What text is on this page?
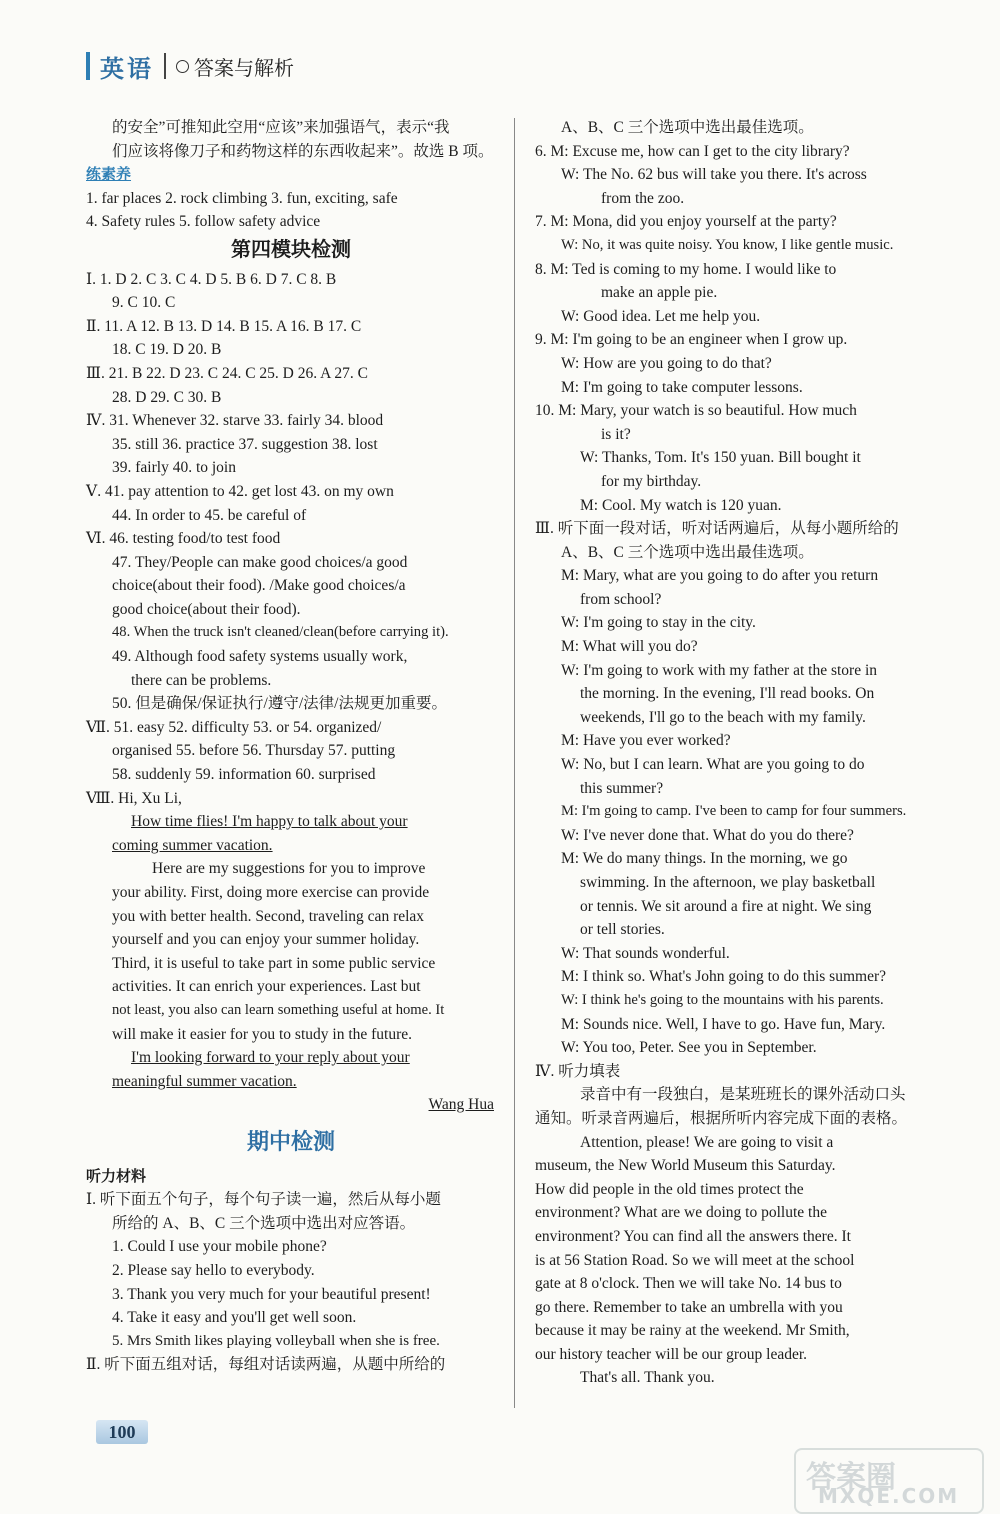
英语 答案与解析

的安全”可推知此空用“应该”来加强语气，表示“我

们应该将像刀子和药物这样的东西收起来”。故选 B 项。

练素养

1. far places 2. rock climbing 3. fun, exciting, safe

4. Safety rules 5. follow safety advice

第四模块检测

Ⅰ. 1. D 2. C 3. C 4. D 5. B 6. D 7. C 8. B

9. C 10. C

Ⅱ. 11. A 12. B 13. D 14. B 15. A 16. B 17. C

18. C 19. D 20. B

Ⅲ. 21. B 22. D 23. C 24. C 25. D 26. A 27. C

28. D 29. C 30. B

Ⅳ. 31. Whenever 32. starve 33. fairly 34. blood

35. still 36. practice 37. suggestion 38. lost

39. fairly 40. to join

Ⅴ. 41. pay attention to 42. get lost 43. on my own

44. In order to 45. be careful of

Ⅵ. 46. testing food/to test food

47. They/People can make good choices/a good

choice(about their food). /Make good choices/a

good choice(about their food).

48. When the truck isn't cleaned/clean(before carrying it).

49. Although food safety systems usually work,

there can be problems.

50. 但是确保/保证执行/遵守/法律/法规更加重要。

Ⅶ. 51. easy 52. difficulty 53. or 54. organized/

organised 55. before 56. Thursday 57. putting

58. suddenly 59. information 60. surprised

Ⅷ. Hi, Xu Li,

How time flies! I'm happy to talk about your

coming summer vacation.

Here are my suggestions for you to improve

your ability. First, doing more exercise can provide

you with better health. Second, traveling can relax

yourself and you can enjoy your summer holiday.

Third, it is useful to take part in some public service

activities. It can enrich your experiences. Last but

not least, you also can learn something useful at home. It

will make it easier for you to study in the future.

I'm looking forward to your reply about your

meaningful summer vacation.

Wang Hua

期中检测

听力材料

Ⅰ. 听下面五个句子，每个句子读一遍，然后从每小题

所给的 A、B、C 三个选项中选出对应答语。

1. Could I use your mobile phone?

2. Please say hello to everybody.

3. Thank you very much for your beautiful present!

4. Take it easy and you'll get well soon.

5. Mrs Smith likes playing volleyball when she is free.

Ⅱ. 听下面五组对话，每组对话读两遍，从题中所给的

A、B、C 三个选项中选出最佳选项。

6. M: Excuse me, how can I get to the city library?

W: The No. 62 bus will take you there. It's across

from the zoo.

7. M: Mona, did you enjoy yourself at the party?

W: No, it was quite noisy. You know, I like gentle music.

8. M: Ted is coming to my home. I would like to

make an apple pie.

W: Good idea. Let me help you.

9. M: I'm going to be an engineer when I grow up.

W: How are you going to do that?

M: I'm going to take computer lessons.

10. M: Mary, your watch is so beautiful. How much

is it?

W: Thanks, Tom. It's 150 yuan. Bill bought it

for my birthday.

M: Cool. My watch is 120 yuan.

Ⅲ. 听下面一段对话，听对话两遍后，从每小题所给的

A、B、C 三个选项中选出最佳选项。

M: Mary, what are you going to do after you return

from school?

W: I'm going to stay in the city.

M: What will you do?

W: I'm going to work with my father at the store in

the morning. In the evening, I'll read books. On

weekends, I'll go to the beach with my family.

M: Have you ever worked?

W: No, but I can learn. What are you going to do

this summer?

M: I'm going to camp. I've been to camp for four summers.

W: I've never done that. What do you do there?

M: We do many things. In the morning, we go

swimming. In the afternoon, we play basketball

or tennis. We sit around a fire at night. We sing

or tell stories.

W: That sounds wonderful.

M: I think so. What's John going to do this summer?

W: I think he's going to the mountains with his parents.

M: Sounds nice. Well, I have to go. Have fun, Mary.

W: You too, Peter. See you in September.

Ⅳ. 听力填表

录音中有一段独白，是某班班长的课外活动口头

通知。听录音两遍后，根据所听内容完成下面的表格。

Attention, please! We are going to visit a

museum, the New World Museum this Saturday.

How did people in the old times protect the

environment? What are we doing to pollute the

environment? You can find all the answers there. It

is at 56 Station Road. So we will meet at the school

gate at 8 o'clock. Then we will take No. 14 bus to

go there. Remember to take an umbrella with you

because it may be rainy at the weekend. Mr Smith,

our history teacher will be our group leader.

That's all. Thank you.

100
答案圈
MXQE.COM
